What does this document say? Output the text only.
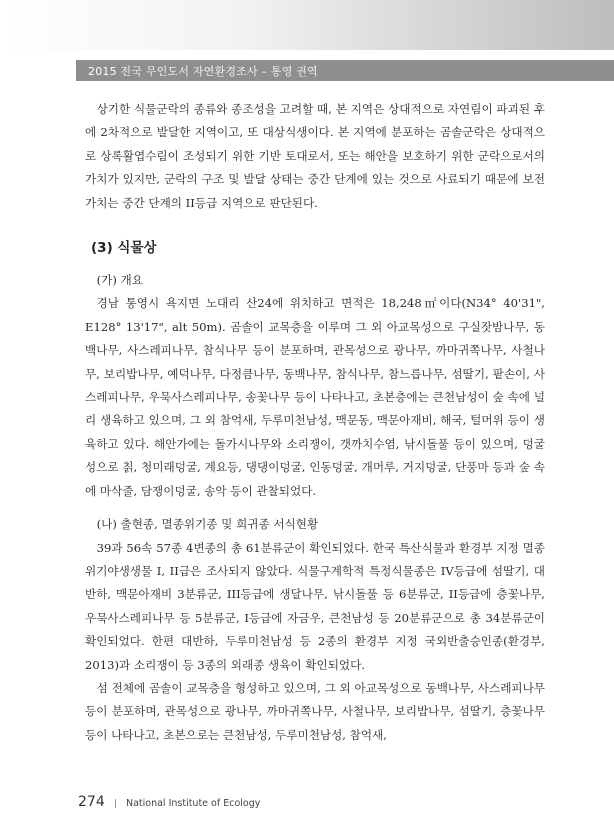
2015 전국 무인도서 자연환경조사 – 통영 권역

상기한 식물군락의 종류와 종조성을 고려할 때, 본 지역은 상대적으로 자연림이 파괴된 후에 2차적으로 발달한 지역이고, 또 대상식생이다. 본 지역에 분포하는 곰솔군락은 상대적으로 상록활엽수림이 조성되기 위한 기반 토대로서, 또는 해안을 보호하기 위한 군락으로서의 가치가 있지만, 군락의 구조 및 발달 상태는 중간 단계에 있는 것으로 사료되기 때문에 보전가치는 중간 단계의 II등급 지역으로 판단된다.

(3) 식물상

(가) 개요

경남 통영시 욕지면 노대리 산24에 위치하고 면적은 18,248㎡이다(N34° 40'31", E128° 13'17", alt 50m). 곰솔이 교목층을 이루며 그 외 아교목성으로 구실잣밤나무, 동백나무, 사스레피나무, 참식나무 등이 분포하며, 관목성으로 광나무, 까마귀쪽나무, 사철나무, 보리밥나무, 예덕나무, 다정큼나무, 동백나무, 참식나무, 참느릅나무, 섬딸기, 팥손이, 사스레피나무, 우묵사스레피나무, 송꽃나무 등이 나타나고, 초본층에는 큰천남성이 숲 속에 널리 생육하고 있으며, 그 외 참억새, 두루미천남성, 맥문동, 맥문아재비, 해국, 털머위 등이 생육하고 있다. 해안가에는 돌가시나무와 소리쟁이, 갯까치수염, 낚시돌풀 등이 있으며, 덩굴성으로 칡, 청미래덩굴, 계요등, 댕댕이덩굴, 인동덩굴, 개머루, 거지덩굴, 단풍마 등과 숲 속에 마삭줄, 담쟁이덩굴, 송악 등이 관찰되었다.

(나) 출현종, 멸종위기종 및 희귀종 서식현황

39과 56속 57종 4변종의 총 61분류군이 확인되었다. 한국 특산식물과 환경부 지정 멸종위기야생생물 I, II급은 조사되지 않았다. 식물구계학적 특정식물종은 IV등급에 섬딸기, 대반하, 맥문아재비 3분류군, III등급에 생달나무, 낚시돌풀 등 6분류군, II등급에 층꽃나무, 우묵사스레피나무 등 5분류군, I등급에 자금우, 큰천남성 등 20분류군으로 총 34분류군이 확인되었다. 한편 대반하, 두루미천남성 등 2종의 환경부 지정 국외반출승인종(환경부, 2013)과 소리쟁이 등 3종의 외래종 생육이 확인되었다.

섬 전체에 곰솔이 교목층을 형성하고 있으며, 그 외 아교목성으로 동백나무, 사스레피나무 등이 분포하며, 관목성으로 광나무, 까마귀쪽나무, 사철나무, 보리밥나무, 섬딸기, 층꽃나무 등이 나타나고, 초본으로는 큰천남성, 두루미천남성, 참억새,

274 | National Institute of Ecology
